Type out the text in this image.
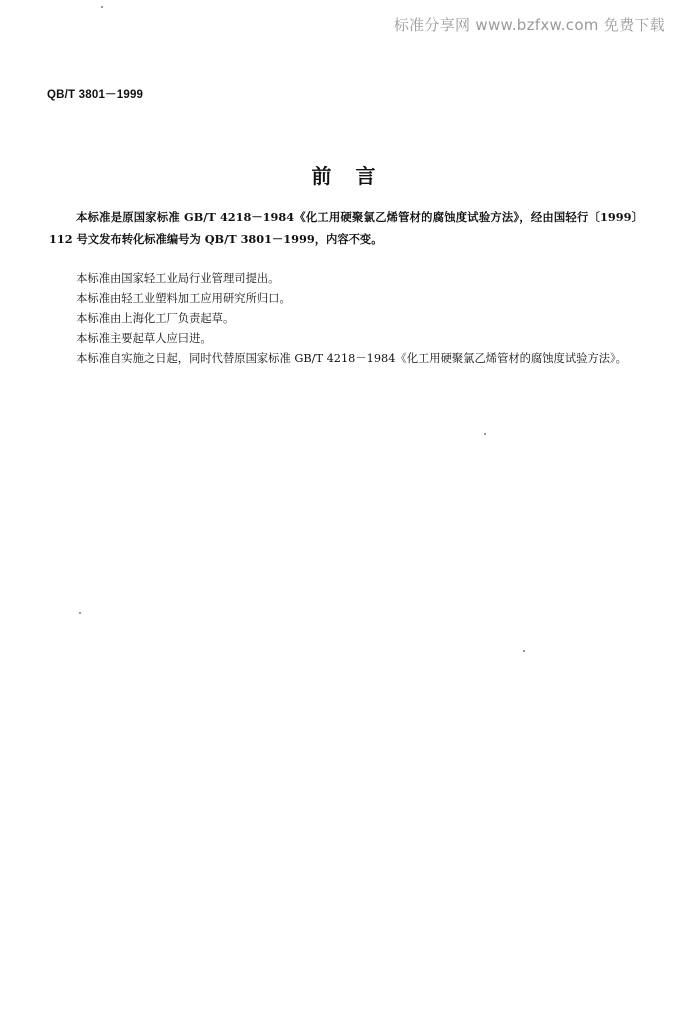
标准分享网 www.bzfxw.com 免费下载
QB/T 3801－1999
前言

本标准是原国家标准 GB/T 4218－1984《化工用硬聚氯乙烯管材的腐蚀度试验方法》，经由国轻行〔1999〕112 号文发布转化标准编号为 QB/T 3801－1999，内容不变。

本标准由国家轻工业局行业管理司提出。

本标准由轻工业塑料加工应用研究所归口。

本标准由上海化工厂负责起草。

本标准主要起草人应曰进。

本标准自实施之日起，同时代替原国家标准 GB/T 4218－1984《化工用硬聚氯乙烯管材的腐蚀度试验方法》。
